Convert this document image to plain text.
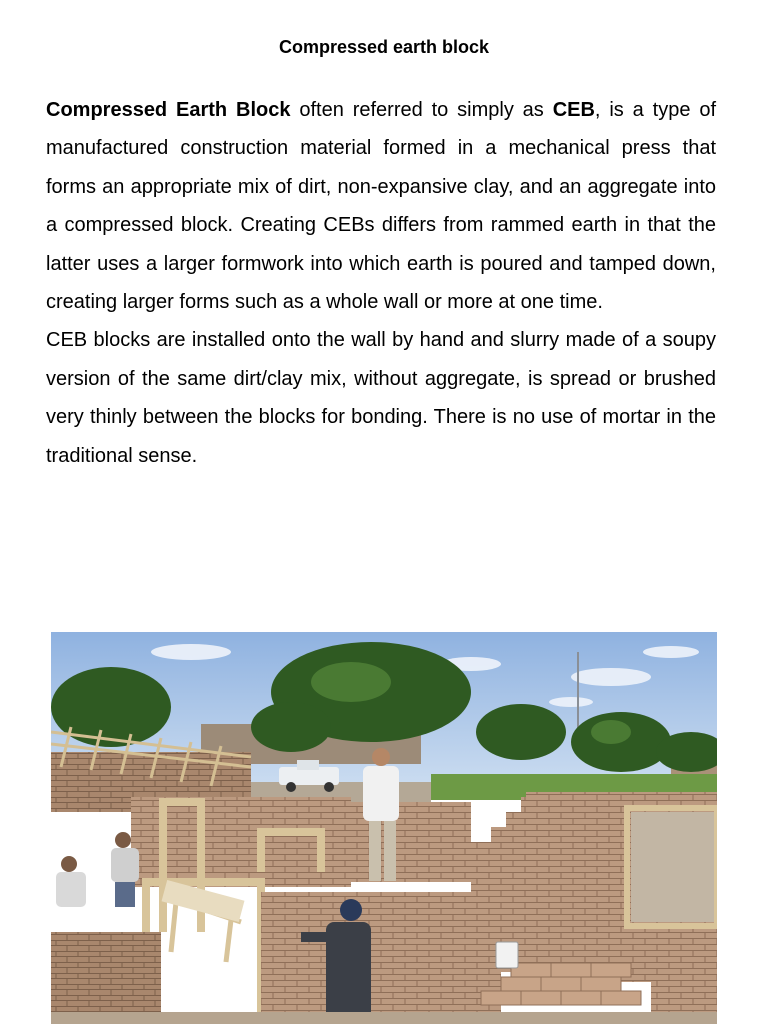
Compressed earth block

Compressed Earth Block often referred to simply as CEB, is a type of manufactured construction material formed in a mechanical press that forms an appropriate mix of dirt, non-expansive clay, and an aggregate into a compressed block. Creating CEBs differs from rammed earth in that the latter uses a larger formwork into which earth is poured and tamped down, creating larger forms such as a whole wall or more at one time.

CEB blocks are installed onto the wall by hand and slurry made of a soupy version of the same dirt/clay mix, without aggregate, is spread or brushed very thinly between the blocks for bonding. There is no use of mortar in the traditional sense.
